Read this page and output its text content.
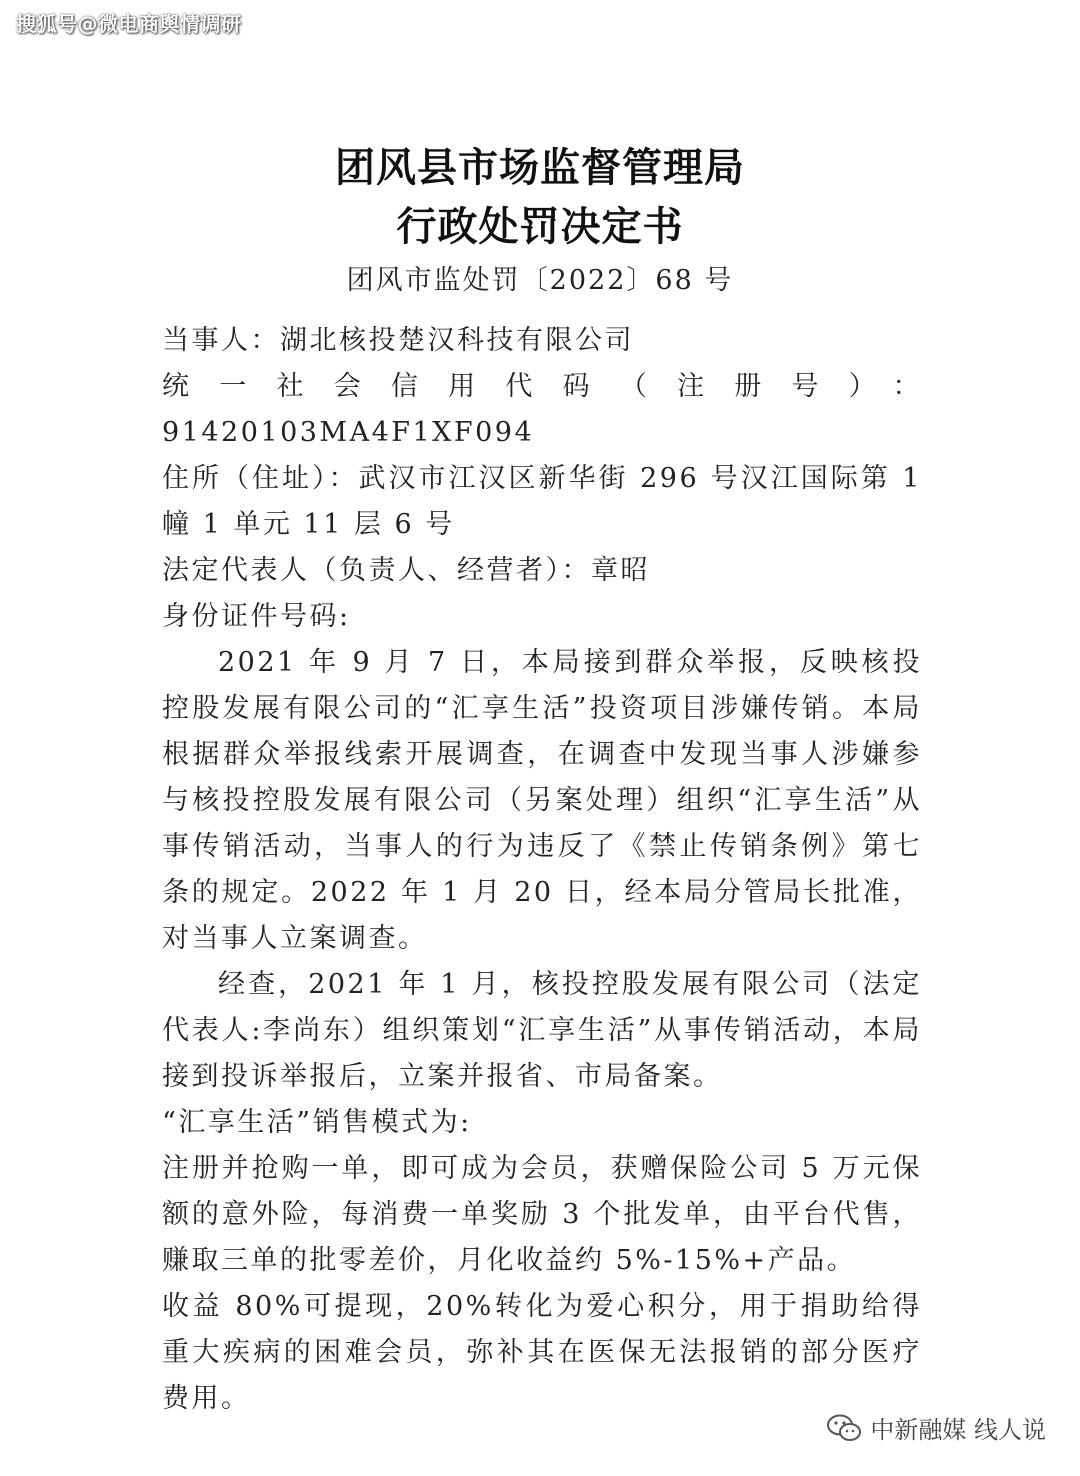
搜狐号@微电商舆情调研
团风县市场监督管理局
行政处罚决定书
团风市监处罚〔2022〕68 号

当事人：湖北核投楚汉科技有限公司

统一社会信用代码（注册号）：91420103MA4F1XF094

住所（住址）：武汉市江汉区新华街 296 号汉江国际第 1 幢 1 单元 11 层 6 号

法定代表人（负责人、经营者）：章昭

身份证件号码:

2021 年 9 月 7 日，本局接到群众举报，反映核投控股发展有限公司的“汇享生活”投资项目涉嫌传销。本局根据群众举报线索开展调查，在调查中发现当事人涉嫌参与核投控股发展有限公司（另案处理）组织“汇享生活”从事传销活动，当事人的行为违反了《禁止传销条例》第七条的规定。2022 年 1 月 20 日，经本局分管局长批准，对当事人立案调查。

经查，2021 年 1 月，核投控股发展有限公司（法定代表人:李尚东）组织策划“汇享生活”从事传销活动，本局接到投诉举报后，立案并报省、市局备案。

“汇享生活”销售模式为:

注册并抢购一单，即可成为会员，获赠保险公司 5 万元保额的意外险，每消费一单奖励 3 个批发单，由平台代售，赚取三单的批零差价，月化收益约 5%-15%+产品。

收益 80%可提现，20%转化为爱心积分，用于捐助给得重大疾病的困难会员，弥补其在医保无法报销的部分医疗费用。

中新融媒 线人说
